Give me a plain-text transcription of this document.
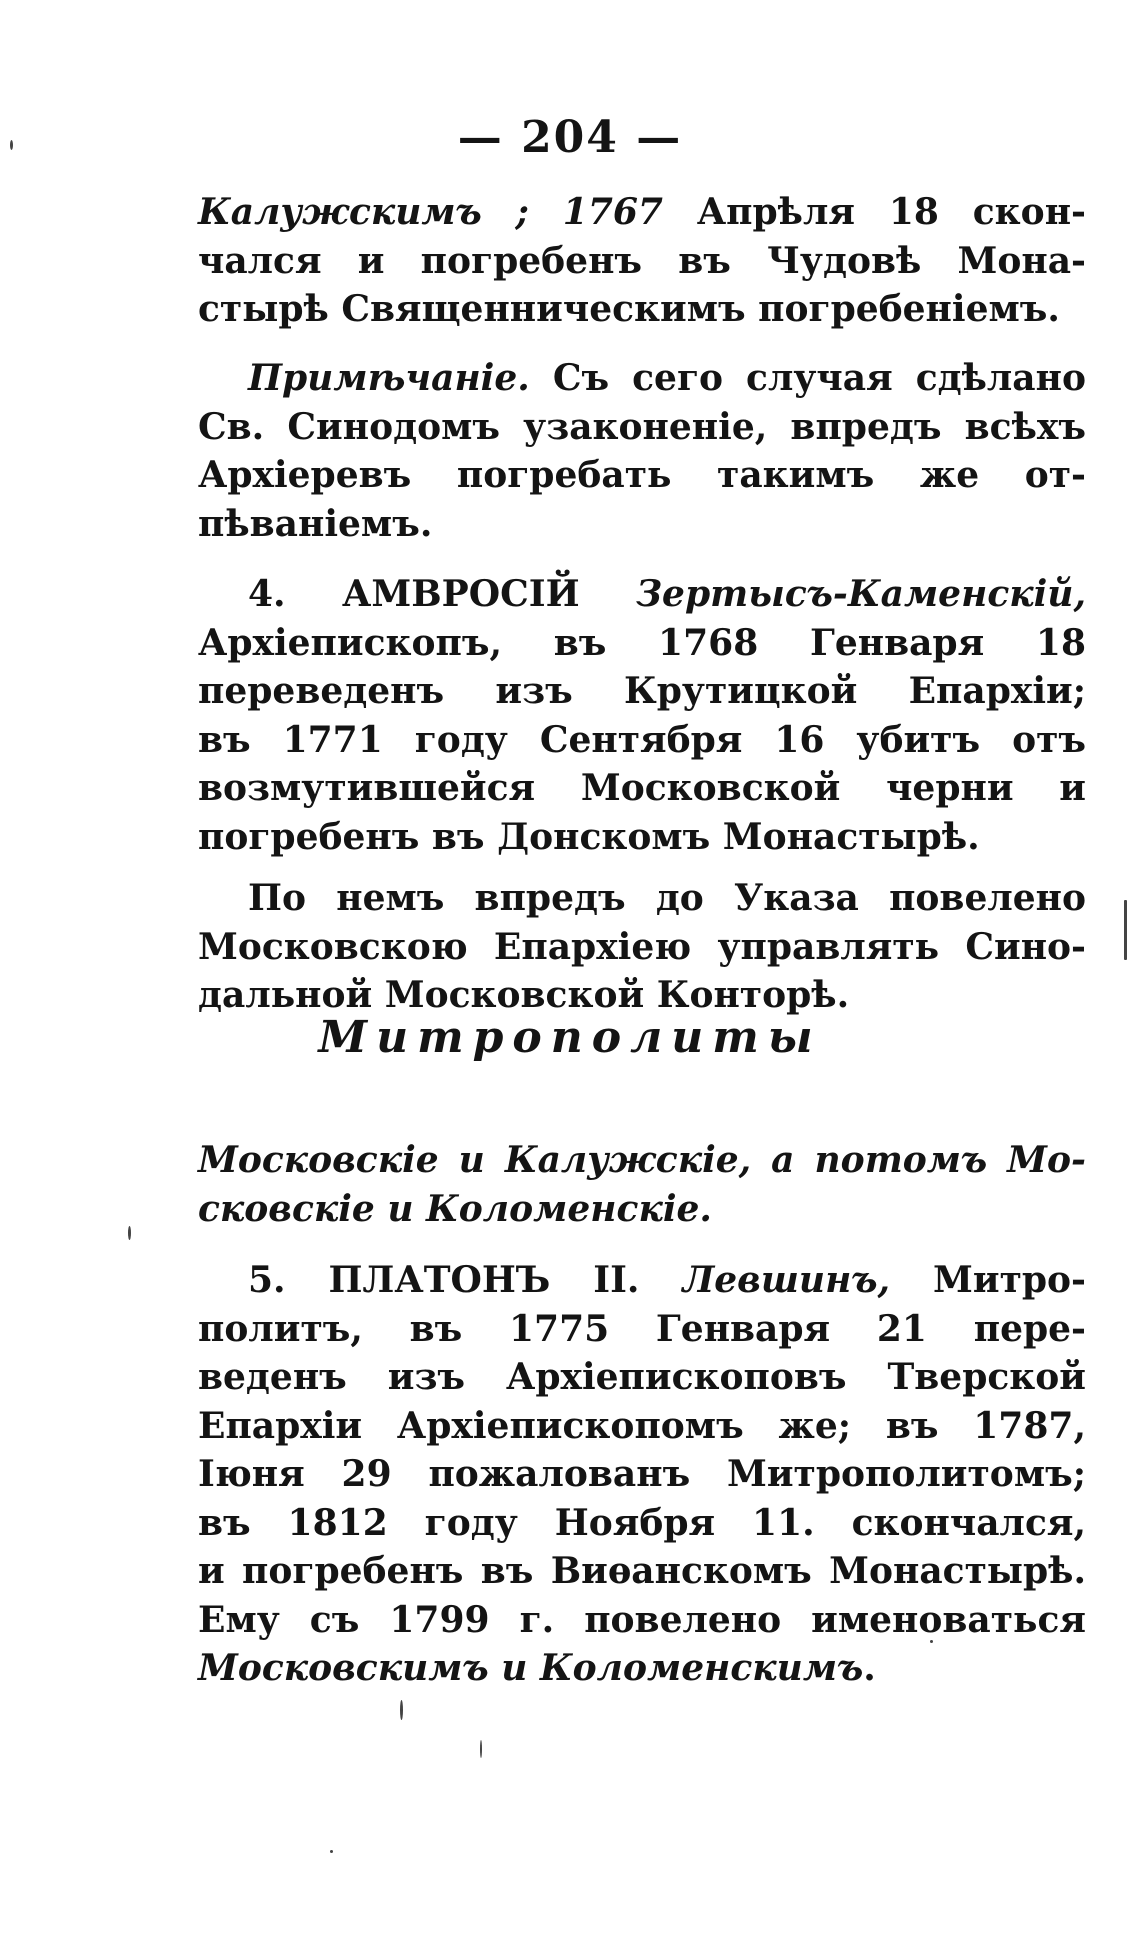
— 204 —
Калужскимъ ; 1767 Апрѣля 18 скон-
чался и погребенъ въ Чудовѣ Мона-
стырѣ Священническимъ погребеніемъ.
Примѣчаніе. Съ сего случая сдѣлано
Св. Синодомъ узаконеніе, впредъ всѣхъ
Архіеревъ погребать такимъ же от-
пѣваніемъ.
4. АМВРОСІЙ Зертысъ-Каменскій,
Архіепископъ, въ 1768 Генваря 18
переведенъ изъ Крутицкой Епархіи;
въ 1771 году Сентября 16 убитъ отъ
возмутившейся Московской черни и
погребенъ въ Донскомъ Монастырѣ.
По немъ впредъ до Указа повелено
Московскою Епархіею управлять Сино-
дальной Московской Конторѣ.
Митрополиты
Московскіе и Калужскіе, а потомъ Мо-
сковскіе и Коломенскіе.
5. ПЛАТОНЪ II. Левшинъ, Митро-
политъ, въ 1775 Генваря 21 пере-
веденъ изъ Архіепископовъ Тверской
Епархіи Архіепископомъ же; въ 1787,
Іюня 29 пожалованъ Митрополитомъ;
въ 1812 году Ноября 11. скончался,
и погребенъ въ Виѳанскомъ Монастырѣ.
Ему съ 1799 г. повелено именоваться
Московскимъ и Коломенскимъ.
